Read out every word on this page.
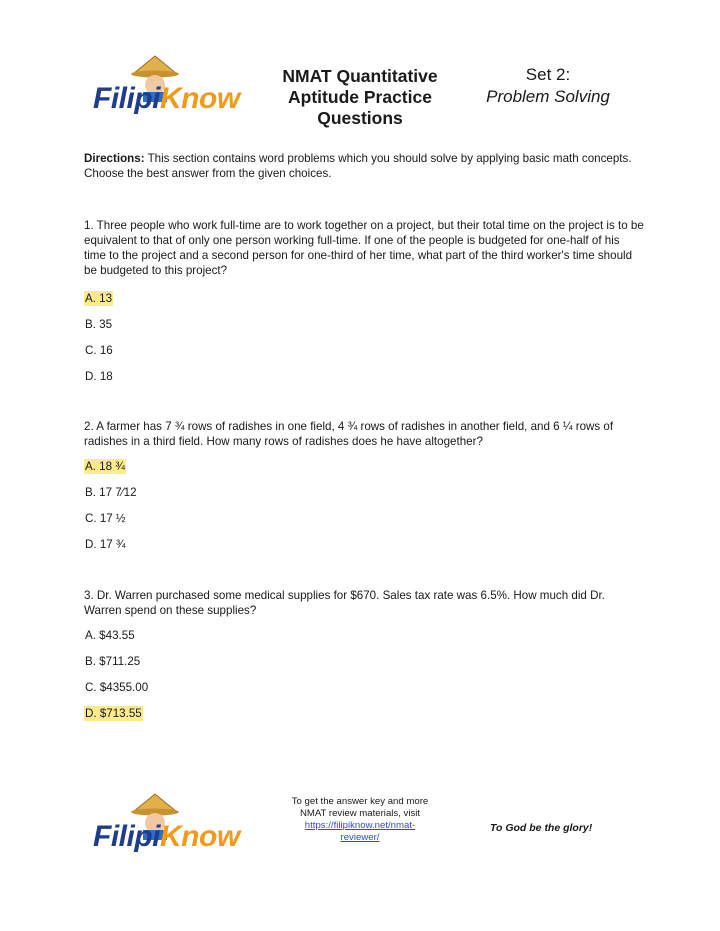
FilipiKnow
NMAT Quantitative
Aptitude Practice
Questions
Set 2:
Problem Solving
Directions: This section contains word problems which you should solve by applying basic math concepts. Choose the best answer from the given choices.
1. Three people who work full-time are to work together on a project, but their total time on the project is to be equivalent to that of only one person working full-time. If one of the people is budgeted for one-half of his time to the project and a second person for one-third of her time, what part of the third worker's time should be budgeted to this project?
A. 13
B. 35
C. 16
D. 18
2. A farmer has 7 ¾ rows of radishes in one field, 4 ¾ rows of radishes in another field, and 6 ¼ rows of radishes in a third field. How many rows of radishes does he have altogether?
A. 18 ¾
B. 17 7⁄12
C. 17 ½
D. 17 ¾
3. Dr. Warren purchased some medical supplies for $670. Sales tax rate was 6.5%. How much did Dr. Warren spend on these supplies?
A. $43.55
B. $711.25
C. $4355.00
D. $713.55
FilipiKnow
To get the answer key and more
NMAT review materials, visit
https://filipiknow.net/nmat-
reviewer/
To God be the glory!
